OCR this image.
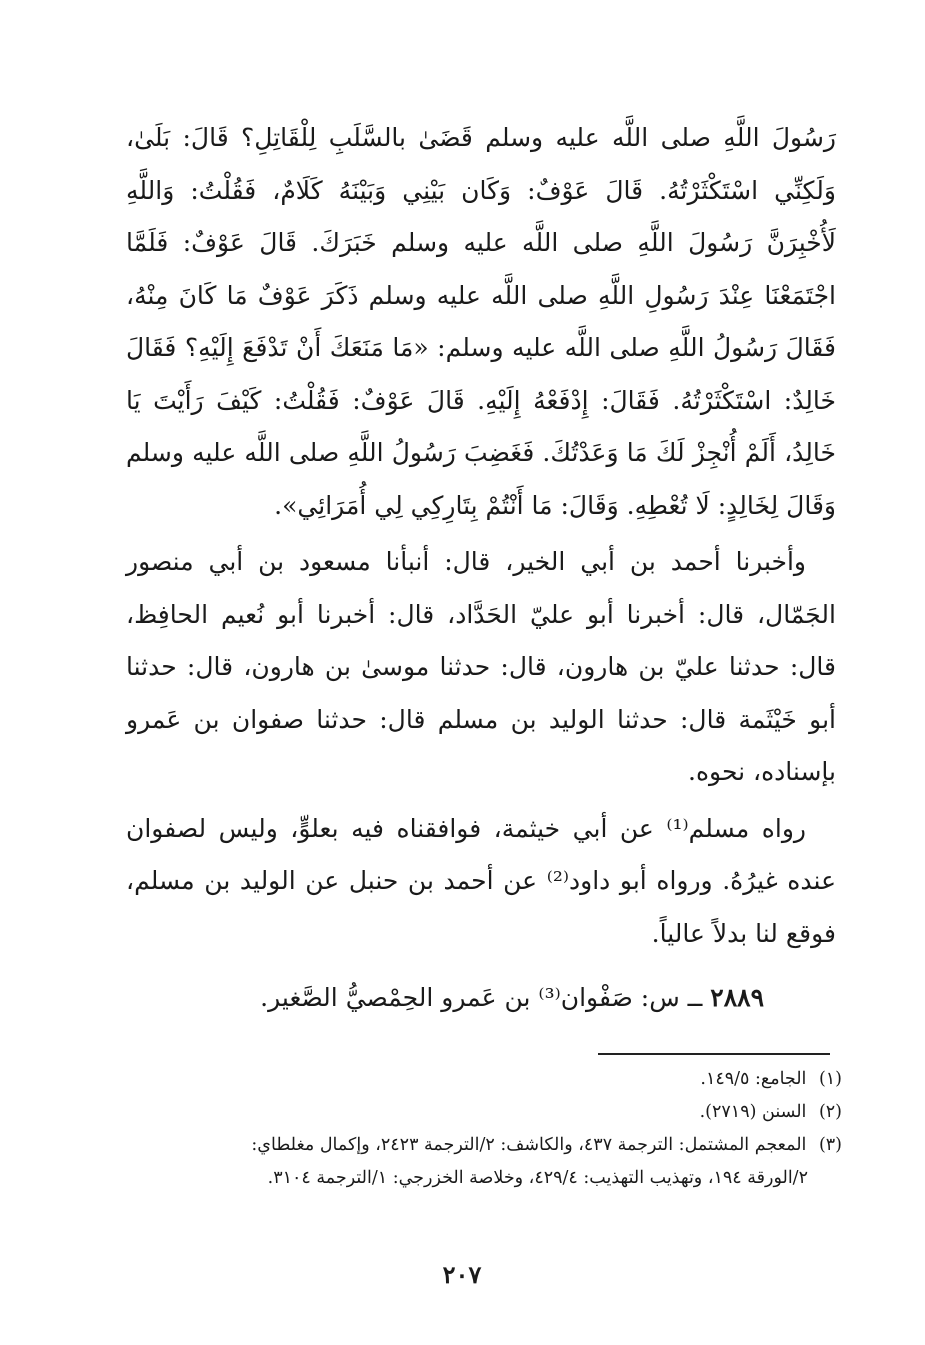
رَسُولَ اللَّهِ صلى اللَّه عليه وسلم قَضَىٰ بالسَّلَبِ لِلْقَاتِلِ؟ قَالَ: بَلَىٰ، وَلَكِنِّي اسْتَكْثَرْتُهُ. قَالَ عَوْفٌ: وَكَان بَيْنِي وَبَيْنَهُ كَلَامٌ، فَقُلْتُ: وَاللَّهِ لَأُخْبِرَنَّ رَسُولَ اللَّهِ صلى اللَّه عليه وسلم خَبَرَكَ. قَالَ عَوْفٌ: فَلَمَّا اجْتَمَعْنَا عِنْدَ رَسُولِ اللَّهِ صلى اللَّه عليه وسلم ذَكَرَ عَوْفٌ مَا كَانَ مِنْهُ، فَقَالَ رَسُولُ اللَّهِ صلى اللَّه عليه وسلم: «مَا مَنَعَكَ أَنْ تَدْفَعَ إِلَيْهِ؟ فَقَالَ خَالِدٌ: اسْتَكْثَرْتُهُ. فَقَالَ: إِدْفَعْهُ إِلَيْهِ. قَالَ عَوْفٌ: فَقُلْتُ: كَيْفَ رَأَيْتَ يَا خَالِدُ، أَلَمْ أُنْجِزْ لَكَ مَا وَعَدْتُكَ. فَغَضِبَ رَسُولُ اللَّهِ صلى اللَّه عليه وسلم وَقَالَ لِخَالِدٍ: لَا تُعْطِهِ. وَقَالَ: مَا أَنْتُمْ بِتَارِكِي لِي أُمَرَائِي».

وأخبرنا أحمد بن أبي الخير، قال: أنبأنا مسعود بن أبي منصور الجَمّال، قال: أخبرنا أبو عليّ الحَدَّاد، قال: أخبرنا أبو نُعيم الحافِظ، قال: حدثنا عليّ بن هارون، قال: حدثنا موسىٰ بن هارون، قال: حدثنا أبو خَيْثَمة قال: حدثنا الوليد بن مسلم قال: حدثنا صفوان بن عَمرو بإسناده، نحوه.

رواه مسلم⁽¹⁾ عن أبي خيثمة، فوافقناه فيه بعلوٍّ، وليس لصفوان عنده غيرُهُ. ورواه أبو داود⁽²⁾ عن أحمد بن حنبل عن الوليد بن مسلم، فوقع لنا بدلاً عالياً.

٢٨٨٩ ــ س: صَفْوان⁽³⁾ بن عَمرو الحِمْصيُّ الصَّغير.

(١) الجامع: ١٤٩/٥.

(٢) السنن (٢٧١٩).

(٣) المعجم المشتمل: الترجمة ٤٣٧، والكاشف: ٢/الترجمة ٢٤٢٣، وإكمال مغلطاي:

٢/الورقة ١٩٤، وتهذيب التهذيب: ٤٢٩/٤، وخلاصة الخزرجي: ١/الترجمة ٣١٠٤.

٢٠٧
